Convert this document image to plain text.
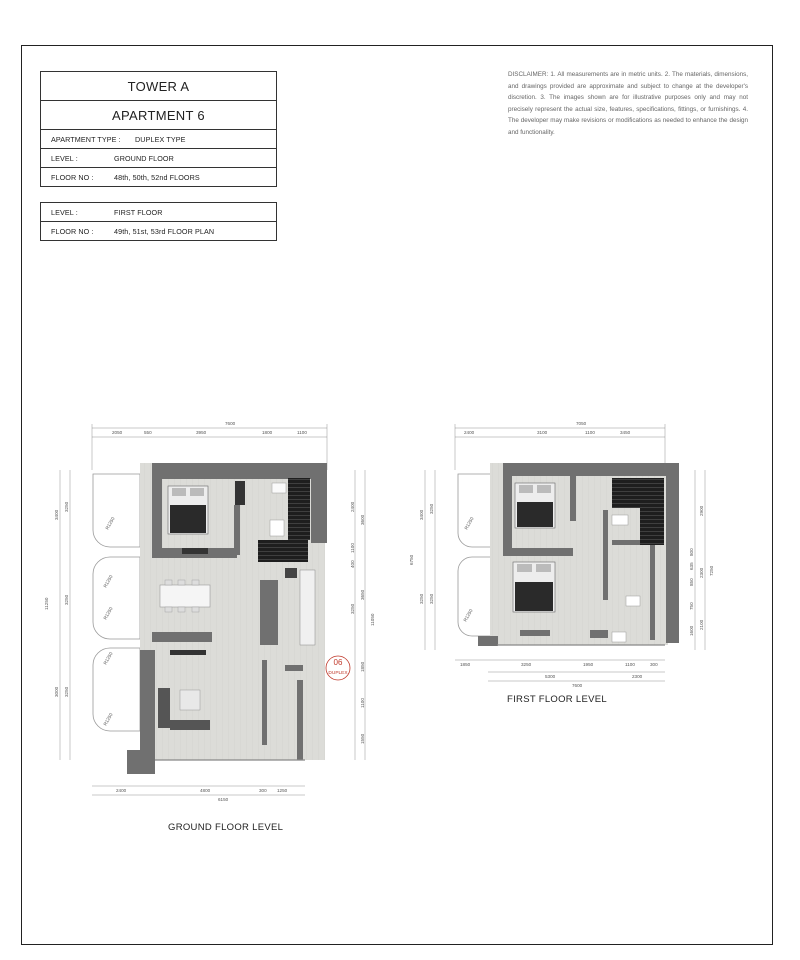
TOWER A
APARTMENT 6
APARTMENT TYPE :	DUPLEX TYPE
LEVEL :	GROUND FLOOR
FLOOR NO :	48th, 50th, 52nd FLOORS
LEVEL :	FIRST FLOOR
FLOOR NO :	49th, 51st, 53rd FLOOR PLAN
DISCLAIMER: 1. All measurements are in metric units. 2. The materials, dimensions, and drawings provided are approximate and subject to change at the developer's discretion. 3. The images shown are for illustrative purposes only and may not precisely represent the actual size, features, specifications, fittings, or furnishings. 4. The developer may make revisions or modifications as needed to enhance the design and functionality.
06
DUPLEX
7600
2050	550	3950	1800	1100
3400
3250
3250
3000 3250
11250
R1250
R1250
R1250
R1250
R1250
2400
3600
1100
400
3650
3250
11050
1850
1100
1550
2400	4800	300 1250
6150
7050
2400	3100	1100	3450
3400
3250
6750
3250 3250
R1250
R1250
2900
800
635
850
750
7250
2300
1600
2100
1850	3250	1950	1100	300
5300	2300
7600
GROUND FLOOR LEVEL
FIRST FLOOR LEVEL
